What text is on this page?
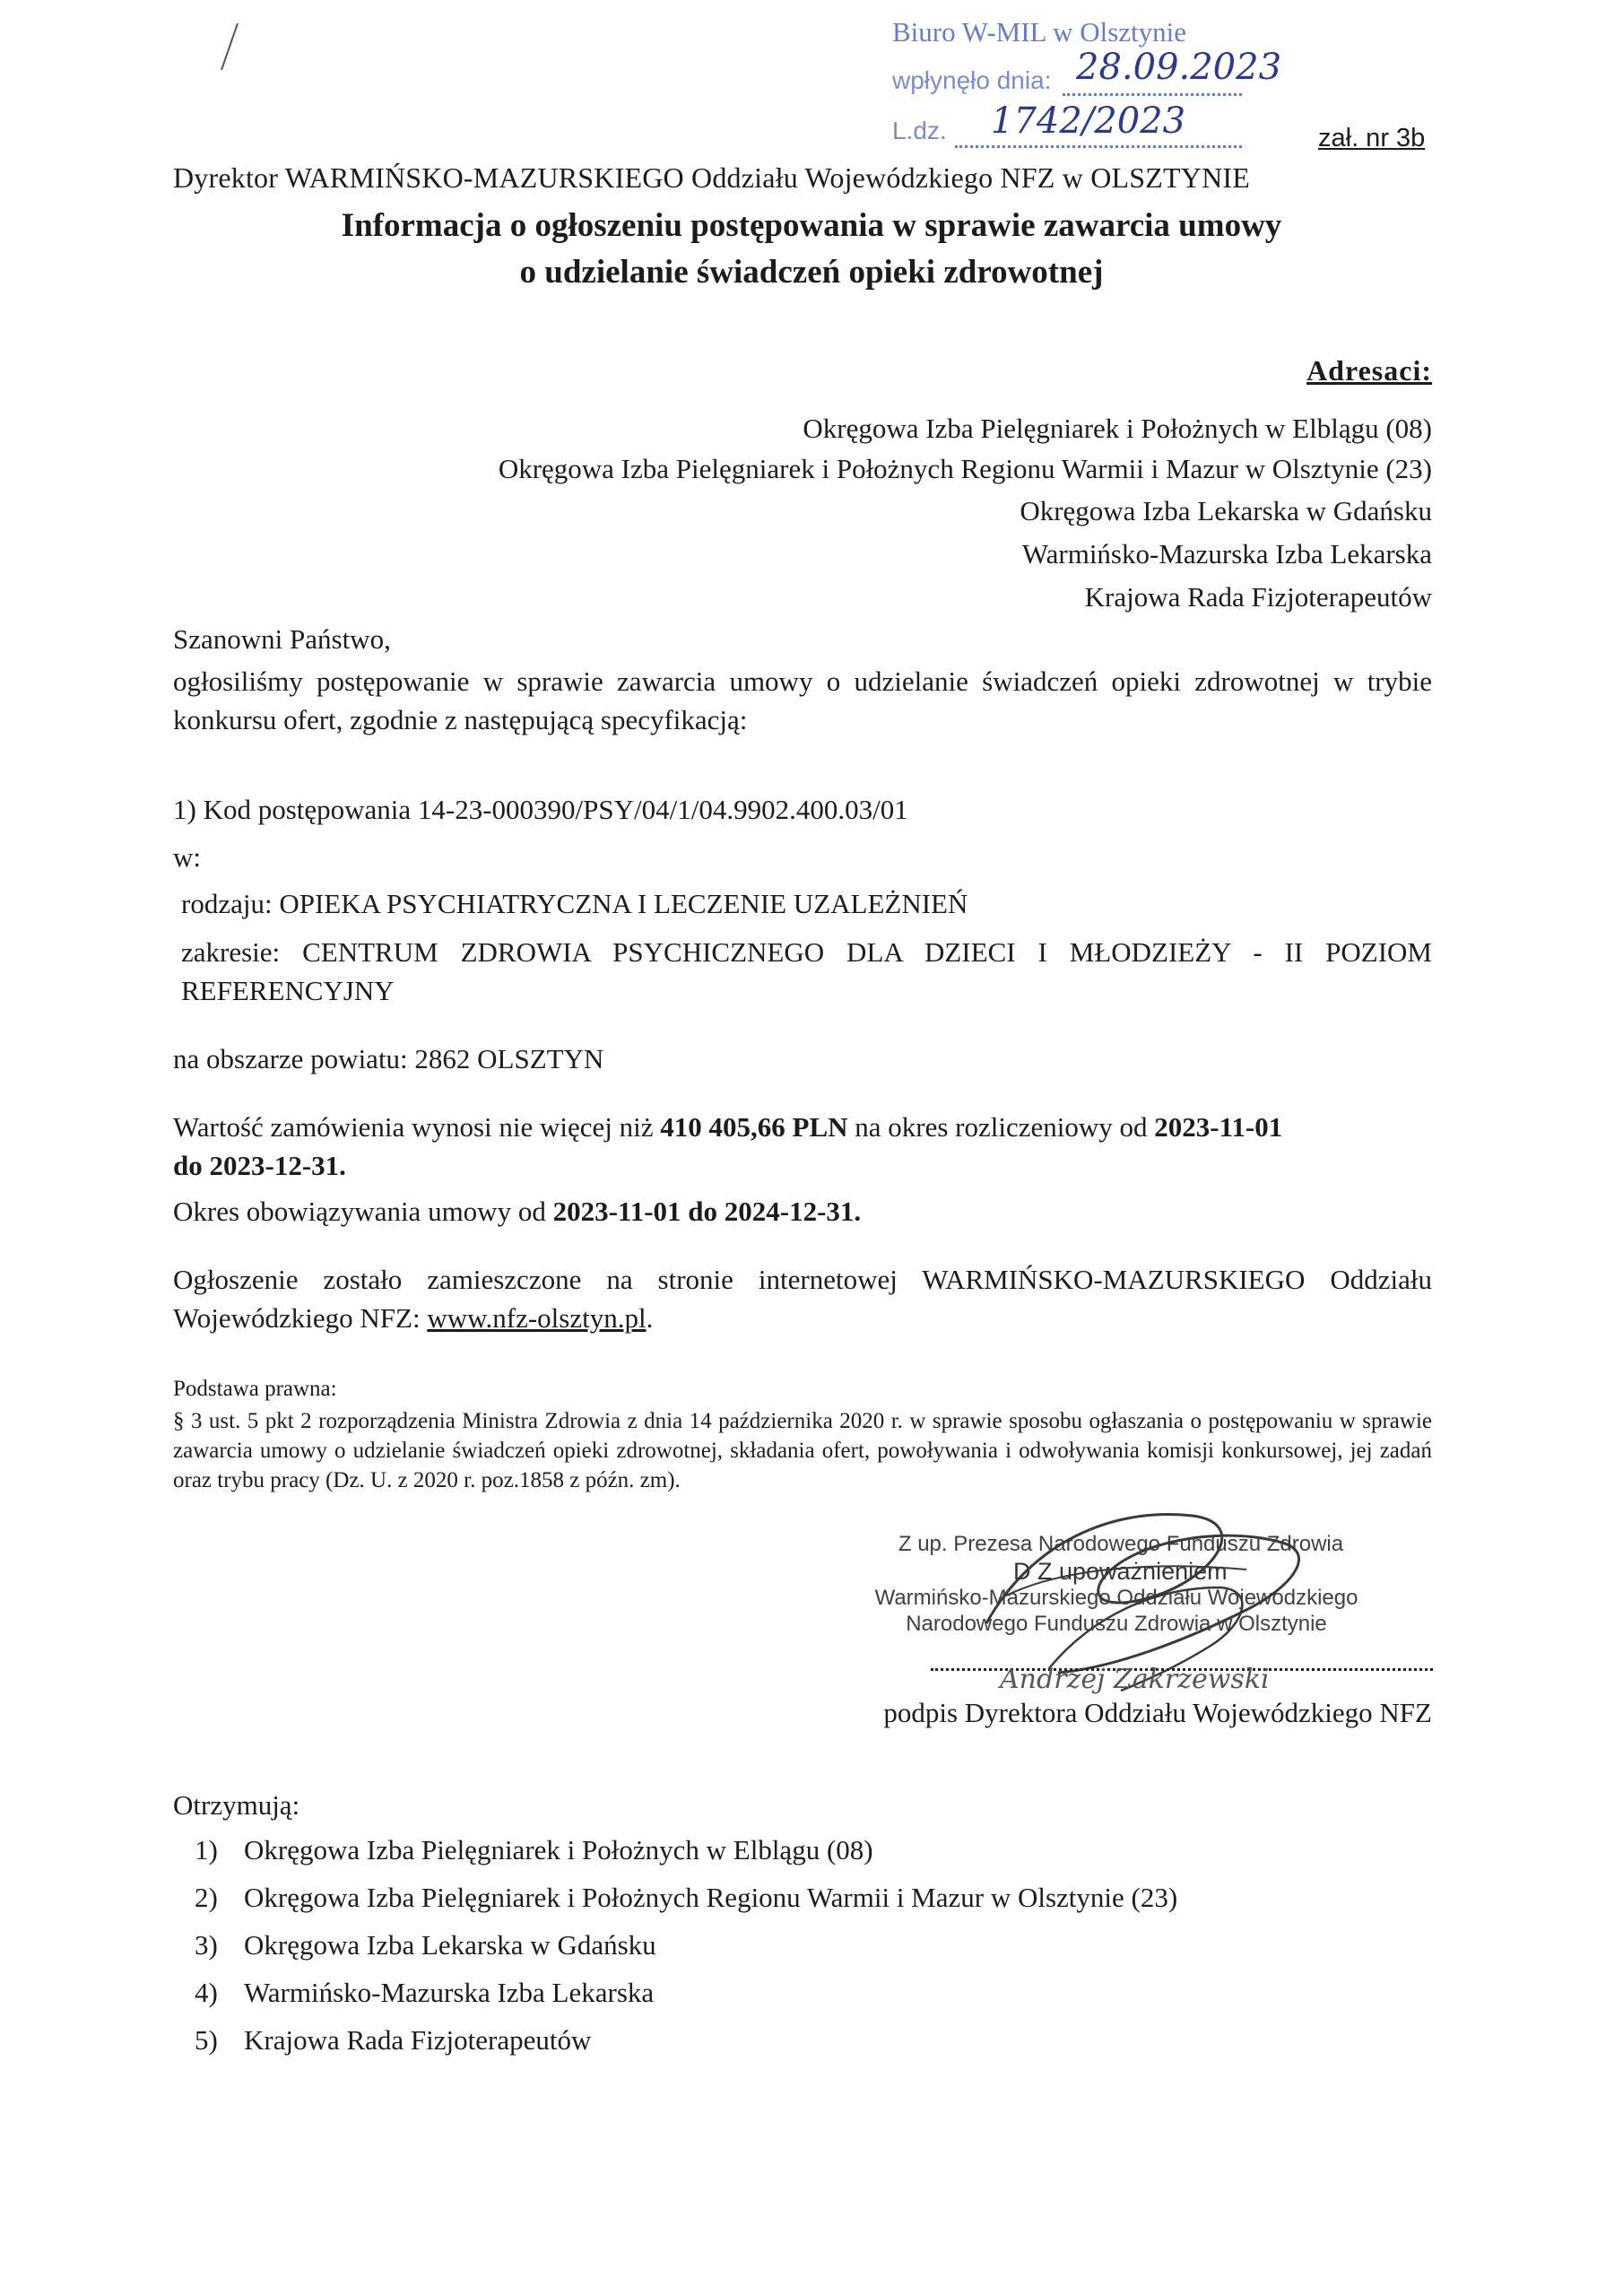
Biuro W-MIL w Olsztynie
wpłynęło dnia: 28.09.2023
L.dz. 1742/2023	zał. nr 3b
Dyrektor WARMIŃSKO-MAZURSKIEGO Oddziału Wojewódzkiego NFZ w OLSZTYNIE
Informacja o ogłoszeniu postępowania w sprawie zawarcia umowy
o udzielanie świadczeń opieki zdrowotnej
Adresaci:
Okręgowa Izba Pielęgniarek i Położnych w Elblągu (08)
Okręgowa Izba Pielęgniarek i Położnych Regionu Warmii i Mazur w Olsztynie (23)
Okręgowa Izba Lekarska w Gdańsku
Warmińsko-Mazurska Izba Lekarska
Krajowa Rada Fizjoterapeutów
Szanowni Państwo,
ogłosiliśmy postępowanie w sprawie zawarcia umowy o udzielanie świadczeń opieki zdrowotnej w trybie konkursu ofert, zgodnie z następującą specyfikacją:
1) Kod postępowania 14-23-000390/PSY/04/1/04.9902.400.03/01
w:
rodzaju: OPIEKA PSYCHIATRYCZNA I LECZENIE UZALEŻNIEŃ
zakresie: CENTRUM ZDROWIA PSYCHICZNEGO DLA DZIECI I MŁODZIEŻY - II POZIOM REFERENCYJNY
na obszarze powiatu: 2862 OLSZTYN
Wartość zamówienia wynosi nie więcej niż 410 405,66 PLN na okres rozliczeniowy od 2023-11-01
do 2023-12-31.
Okres obowiązywania umowy od 2023-11-01 do 2024-12-31.
Ogłoszenie zostało zamieszczone na stronie internetowej WARMIŃSKO-MAZURSKIEGO Oddziału Wojewódzkiego NFZ: www.nfz-olsztyn.pl.
Podstawa prawna:
§ 3 ust. 5 pkt 2 rozporządzenia Ministra Zdrowia z dnia 14 października 2020 r. w sprawie sposobu ogłaszania o postępowaniu w sprawie zawarcia umowy o udzielanie świadczeń opieki zdrowotnej, składania ofert, powoływania i odwoływania komisji konkursowej, jej zadań oraz trybu pracy (Dz. U. z 2020 r. poz.1858 z późn. zm).
Z up. Prezesa Narodowego Funduszu Zdrowia
D Z upoważnieniem
Warmińsko-Mazurskiego Oddziału Wojewódzkiego
Narodowego Funduszu Zdrowia w Olsztynie
Andrzej Zakrzewski
podpis Dyrektora Oddziału Wojewódzkiego NFZ
Otrzymują:
1) Okręgowa Izba Pielęgniarek i Położnych w Elblągu (08)
2) Okręgowa Izba Pielęgniarek i Położnych Regionu Warmii i Mazur w Olsztynie (23)
3) Okręgowa Izba Lekarska w Gdańsku
4) Warmińsko-Mazurska Izba Lekarska
5) Krajowa Rada Fizjoterapeutów
